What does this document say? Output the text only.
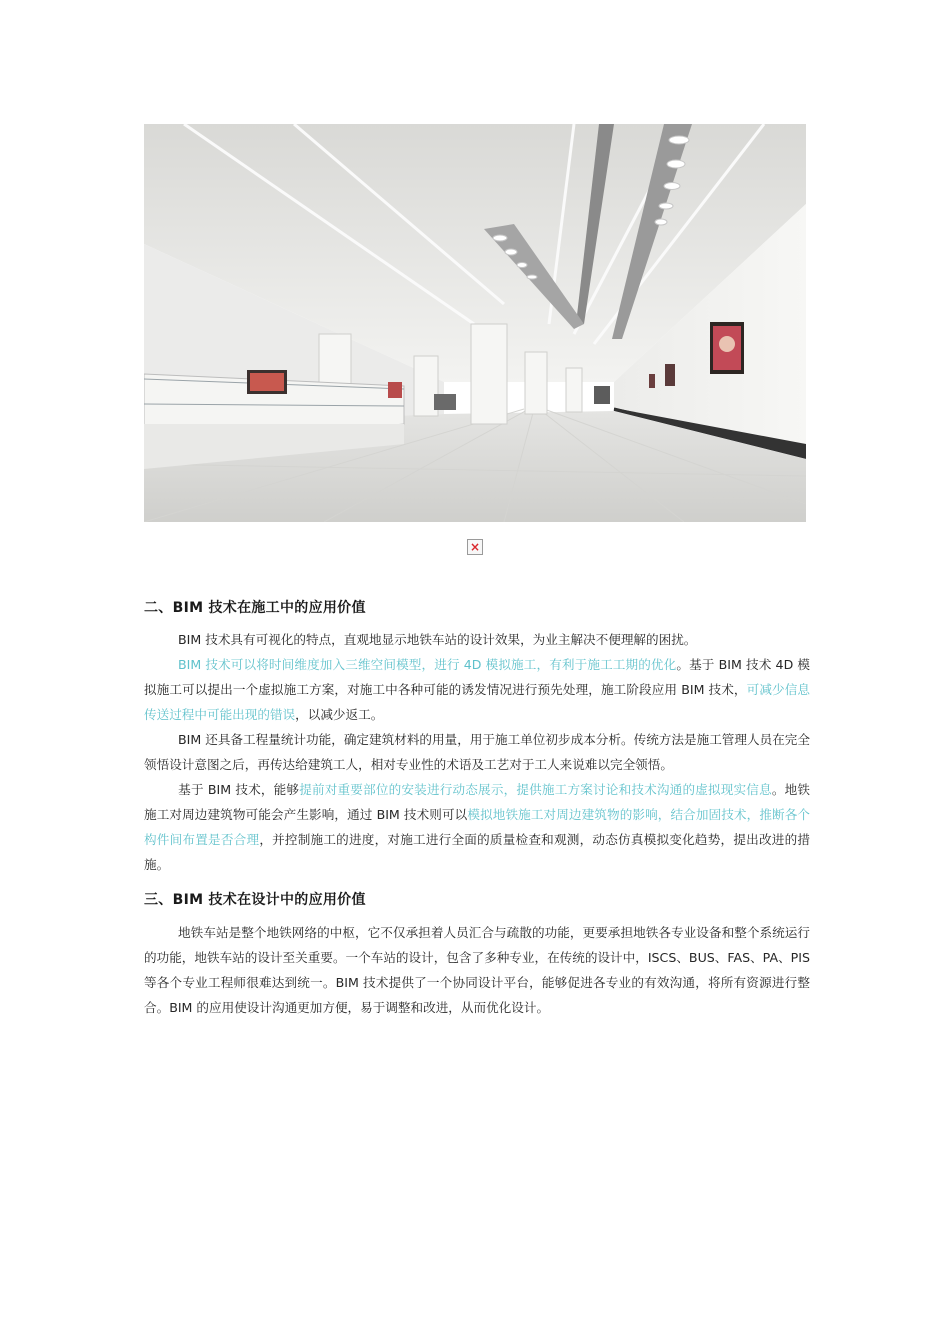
×
二、BIM 技术在施工中的应用价值
BIM 技术具有可视化的特点，直观地显示地铁车站的设计效果，为业主解决不便理解的困扰。
BIM 技术可以将时间维度加入三维空间模型，进行 4D 模拟施工，有利于施工工期的优化。基于 BIM 技术 4D 模拟施工可以提出一个虚拟施工方案，对施工中各种可能的诱发情况进行预先处理，施工阶段应用 BIM 技术，可减少信息传送过程中可能出现的错误，以减少返工。
BIM 还具备工程量统计功能，确定建筑材料的用量，用于施工单位初步成本分析。传统方法是施工管理人员在完全领悟设计意图之后，再传达给建筑工人，相对专业性的术语及工艺对于工人来说难以完全领悟。
基于 BIM 技术，能够提前对重要部位的安装进行动态展示，提供施工方案讨论和技术沟通的虚拟现实信息。地铁施工对周边建筑物可能会产生影响，通过 BIM 技术则可以模拟地铁施工对周边建筑物的影响，结合加固技术，推断各个构件间布置是否合理，并控制施工的进度，对施工进行全面的质量检查和观测，动态仿真模拟变化趋势，提出改进的措施。
三、BIM 技术在设计中的应用价值
地铁车站是整个地铁网络的中枢，它不仅承担着人员汇合与疏散的功能，更要承担地铁各专业设备和整个系统运行的功能，地铁车站的设计至关重要。一个车站的设计，包含了多种专业，在传统的设计中，ISCS、BUS、FAS、PA、PIS 等各个专业工程师很难达到统一。BIM 技术提供了一个协同设计平台，能够促进各专业的有效沟通，将所有资源进行整合。BIM 的应用使设计沟通更加方便，易于调整和改进，从而优化设计。
